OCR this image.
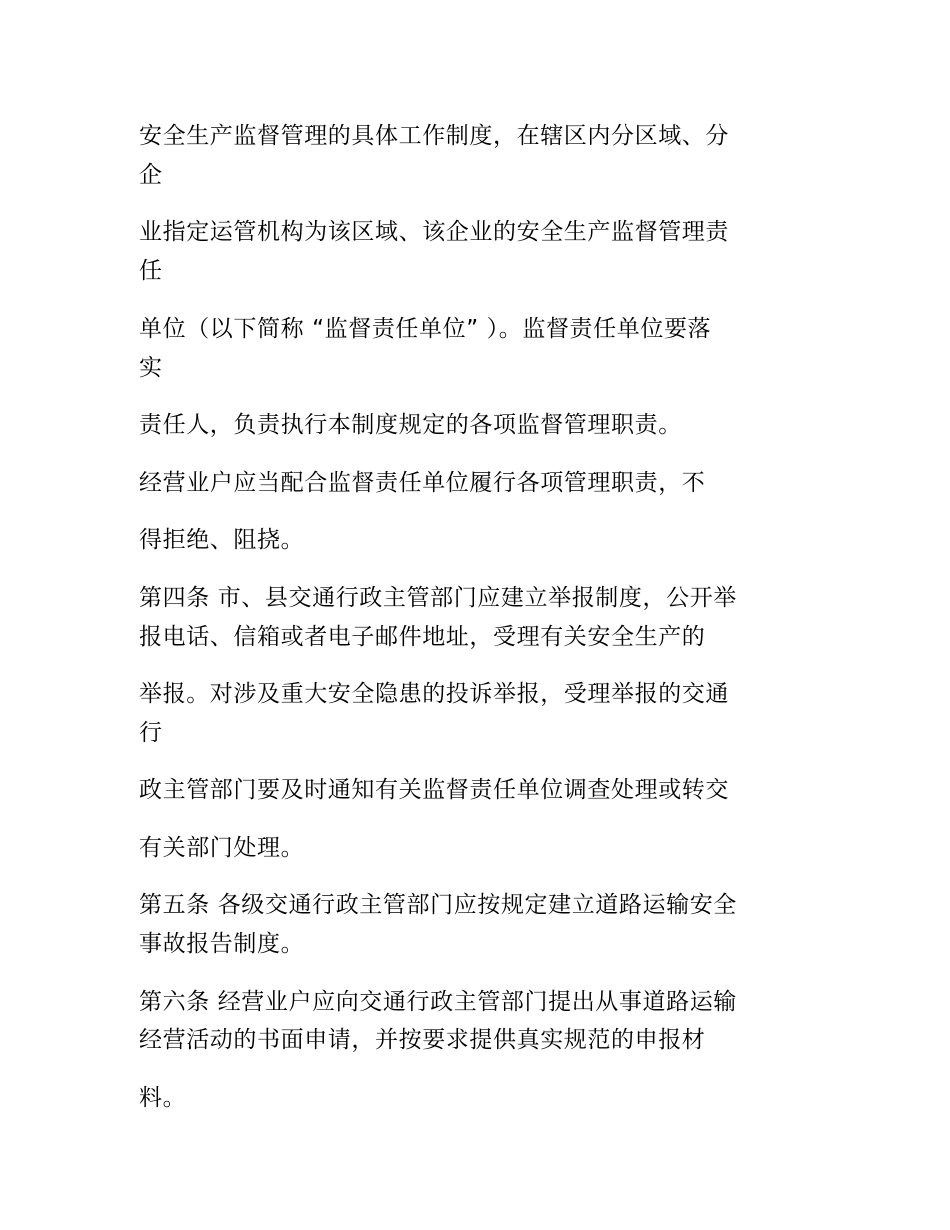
安全生产监督管理的具体工作制度，在辖区内分区域、分
企
业指定运管机构为该区域、该企业的安全生产监督管理责
任
单位（以下简称 “监督责任单位” ）。监督责任单位要落
实
责任人，负责执行本制度规定的各项监督管理职责。
经营业户应当配合监督责任单位履行各项管理职责，不
得拒绝、阻挠。
第四条 市、县交通行政主管部门应建立举报制度，公开举
报电话、信箱或者电子邮件地址，受理有关安全生产的
举报。对涉及重大安全隐患的投诉举报，受理举报的交通
行
政主管部门要及时通知有关监督责任单位调查处理或转交
有关部门处理。
第五条 各级交通行政主管部门应按规定建立道路运输安全
事故报告制度。
第六条 经营业户应向交通行政主管部门提出从事道路运输
经营活动的书面申请，并按要求提供真实规范的申报材
料。
